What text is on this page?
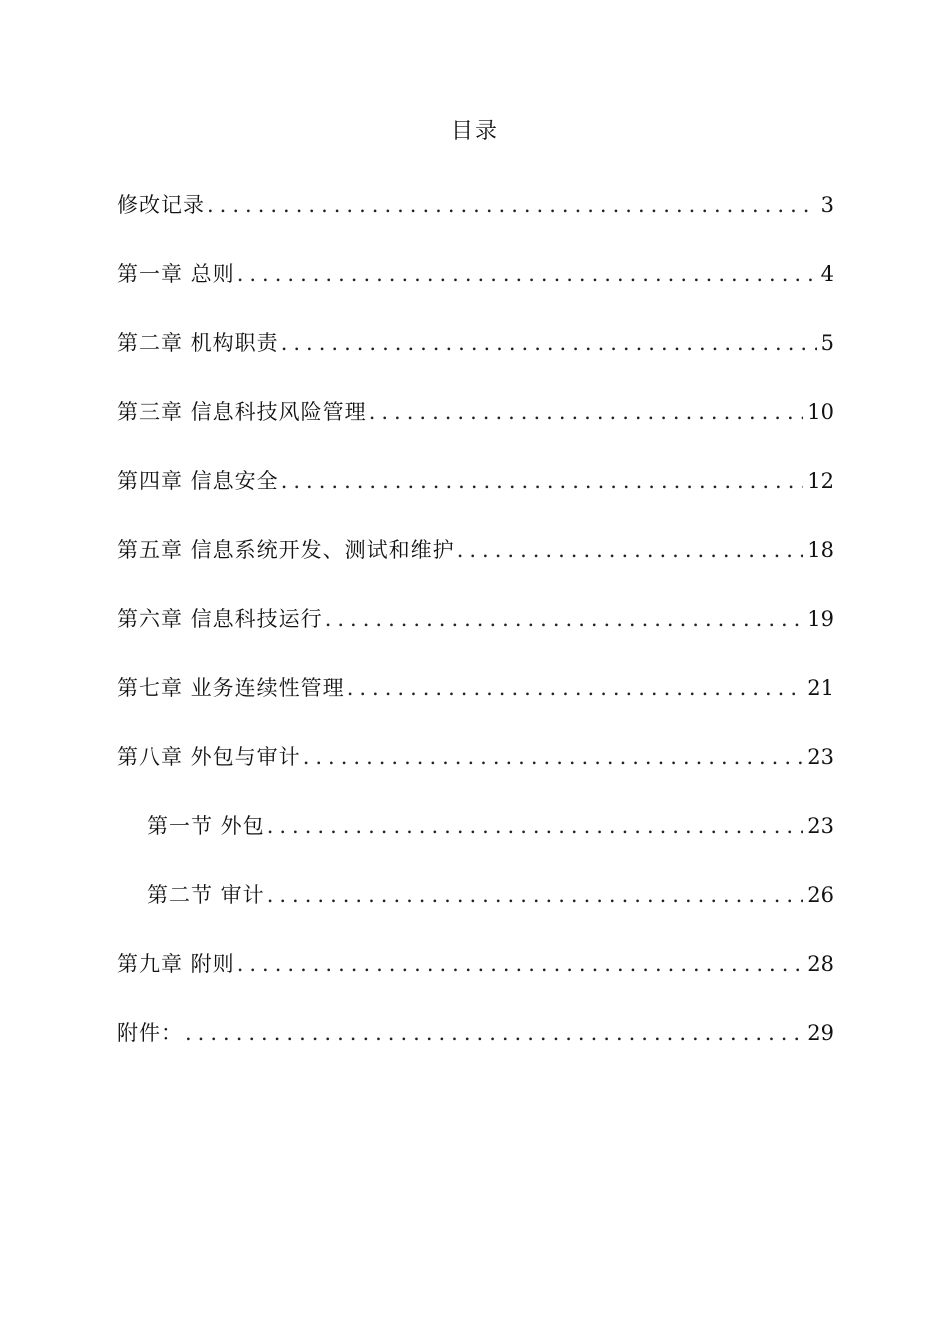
目录
修改记录 .....	3
第一章 总则 .....	4
第二章 机构职责 .....	5
第三章 信息科技风险管理 .....	10
第四章 信息安全 .....	12
第五章 信息系统开发、测试和维护 .....	18
第六章 信息科技运行 .....	19
第七章 业务连续性管理 .....	21
第八章 外包与审计 .....	23
第一节 外包 .....	23
第二节 审计 .....	26
第九章 附则 .....	28
附件： .....	29
